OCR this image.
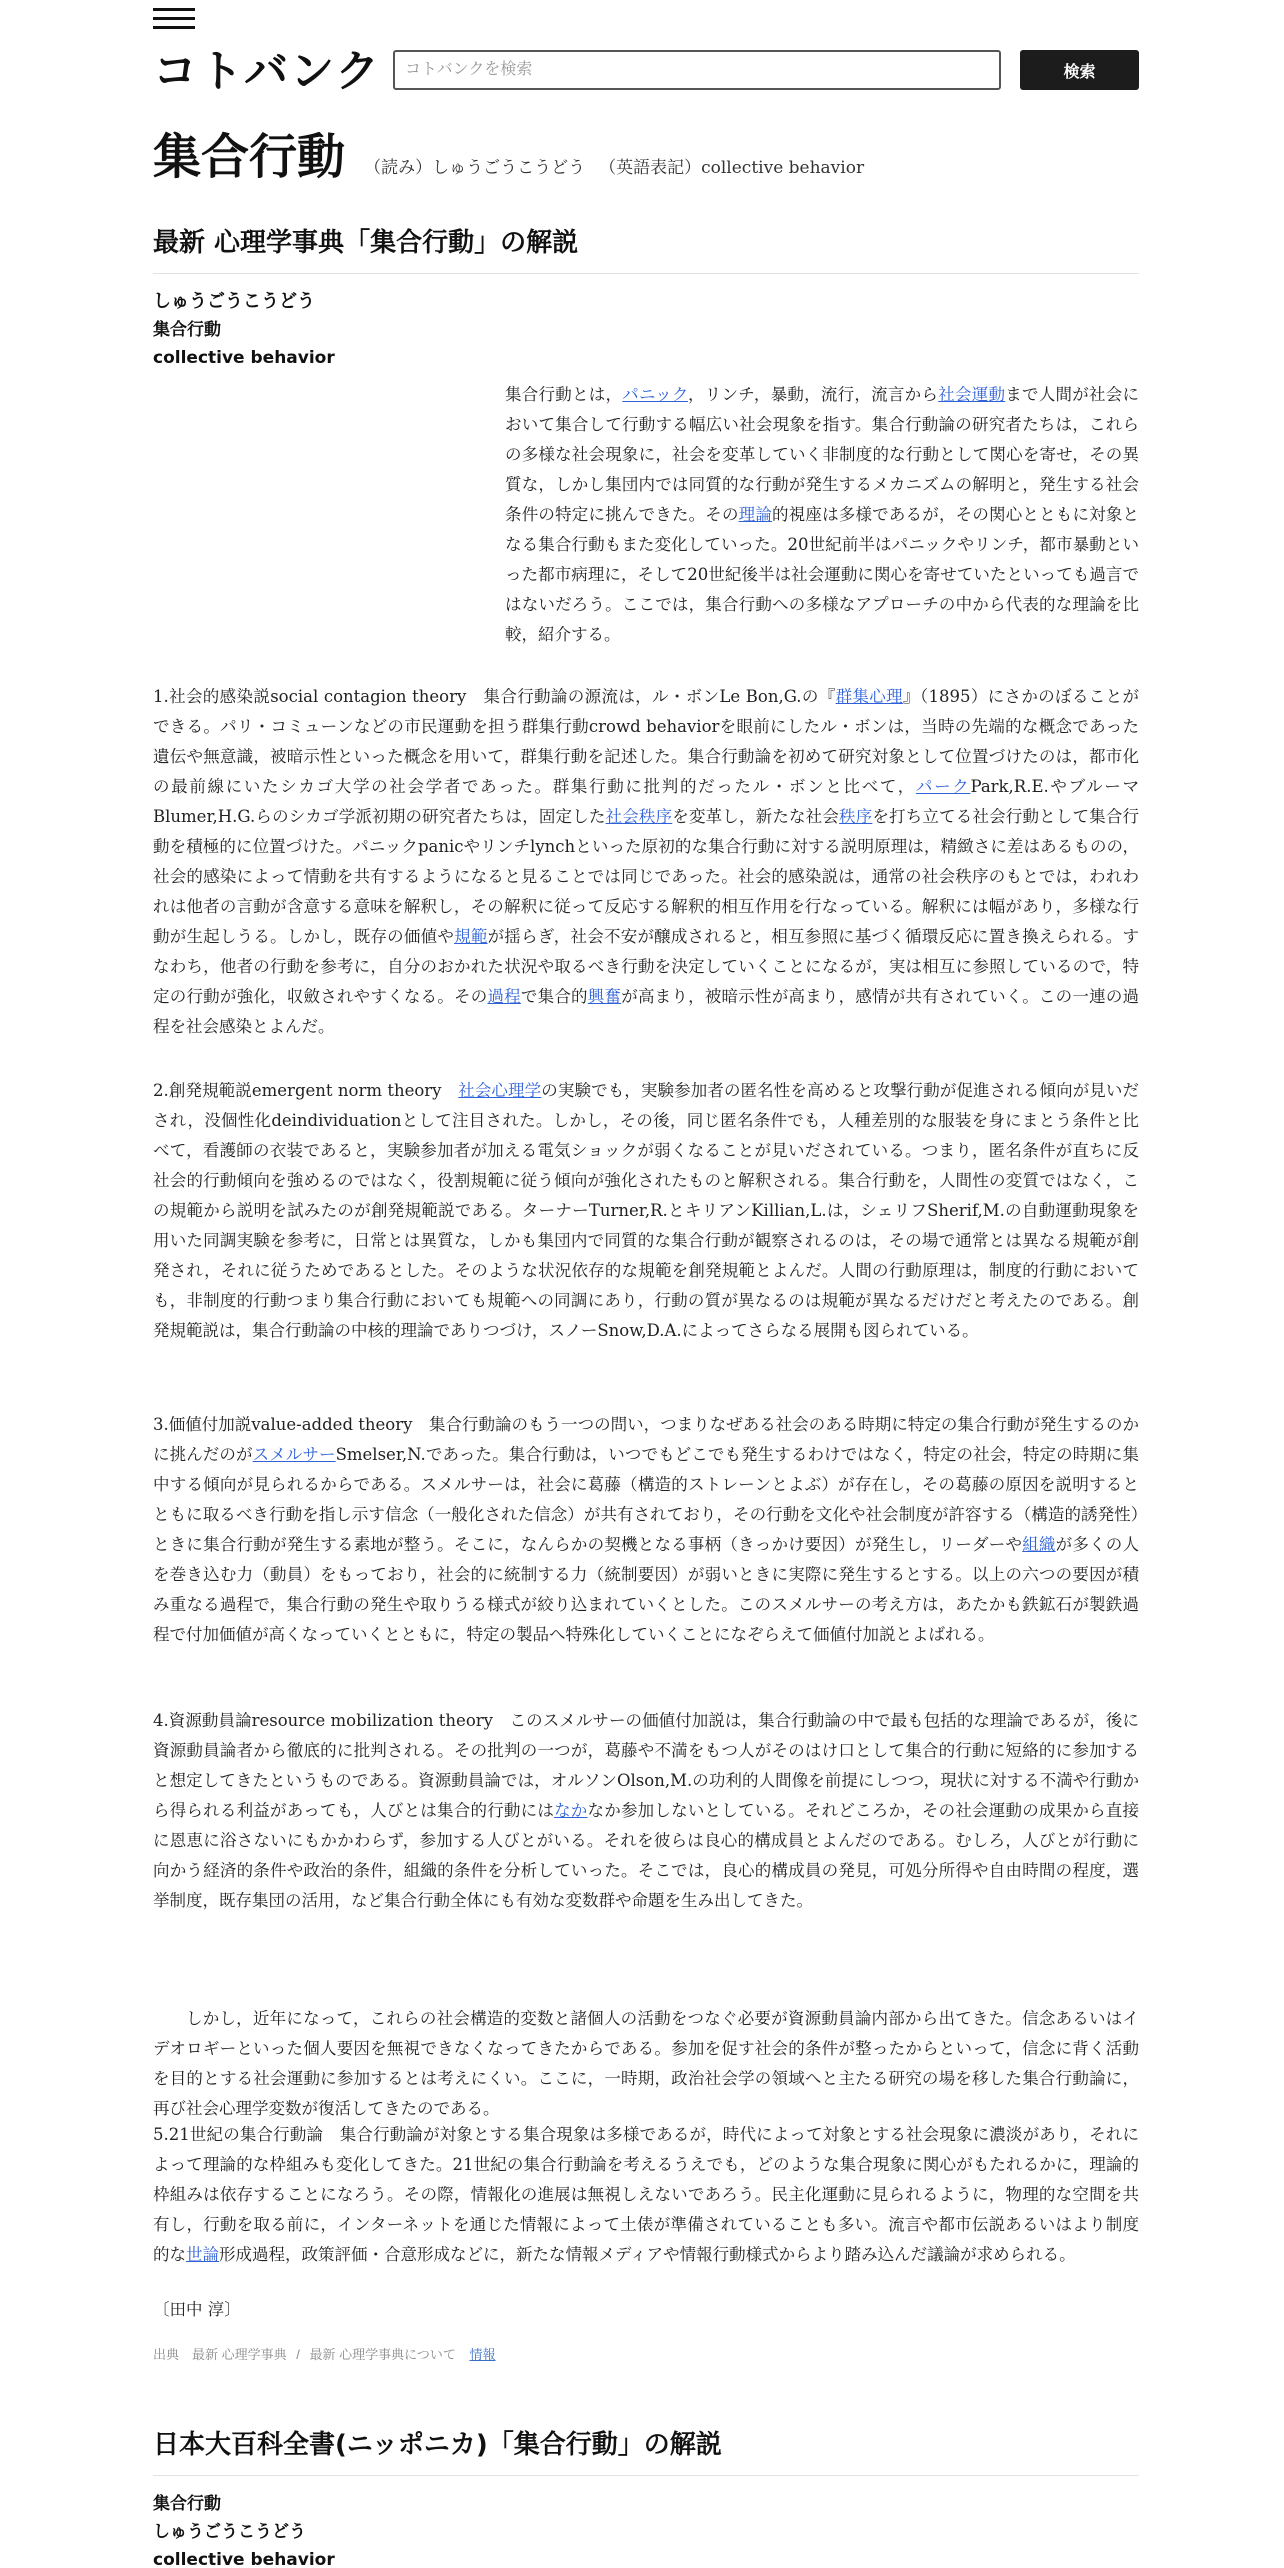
コトバンク
コトバンクを検索	検索
集合行動 （読み）しゅうごうこうどう （英語表記）collective behavior
最新 心理学事典「集合行動」の解説
しゅうごうこうどう
集合行動
collective behavior

集合行動とは，パニック，リンチ，暴動，流行，流言から社会運動まで人間が社会において集合して行動する幅広い社会現象を指す。集合行動論の研究者たちは，これらの多様な社会現象に，社会を変革していく非制度的な行動として関心を寄せ，その異質な，しかし集団内では同質的な行動が発生するメカニズムの解明と，発生する社会条件の特定に挑んできた。その理論的視座は多様であるが，その関心とともに対象となる集合行動もまた変化していった。20世紀前半はパニックやリンチ，都市暴動といった都市病理に，そして20世紀後半は社会運動に関心を寄せていたといっても過言ではないだろう。ここでは，集合行動への多様なアプローチの中から代表的な理論を比較，紹介する。

1.社会的感染説social contagion theory　集合行動論の源流は，ル・ボンLe Bon,G.の『群集心理』（1895）にさかのぼることができる。パリ・コミューンなどの市民運動を担う群集行動crowd behaviorを眼前にしたル・ボンは，当時の先端的な概念であった遺伝や無意識，被暗示性といった概念を用いて，群集行動を記述した。集合行動論を初めて研究対象として位置づけたのは，都市化の最前線にいたシカゴ大学の社会学者であった。群集行動に批判的だったル・ボンと比べて，パークPark,R.E.やブルーマBlumer,H.G.らのシカゴ学派初期の研究者たちは，固定した社会秩序を変革し，新たな社会秩序を打ち立てる社会行動として集合行動を積極的に位置づけた。パニックpanicやリンチlynchといった原初的な集合行動に対する説明原理は，精緻さに差はあるものの，社会的感染によって情動を共有するようになると見ることでは同じであった。社会的感染説は，通常の社会秩序のもとでは，われわれは他者の言動が含意する意味を解釈し，その解釈に従って反応する解釈的相互作用を行なっている。解釈には幅があり，多様な行動が生起しうる。しかし，既存の価値や規範が揺らぎ，社会不安が醸成されると，相互参照に基づく循環反応に置き換えられる。すなわち，他者の行動を参考に，自分のおかれた状況や取るべき行動を決定していくことになるが，実は相互に参照しているので，特定の行動が強化，収斂されやすくなる。その過程で集合的興奮が高まり，被暗示性が高まり，感情が共有されていく。この一連の過程を社会感染とよんだ。

2.創発規範説emergent norm theory　社会心理学の実験でも，実験参加者の匿名性を高めると攻撃行動が促進される傾向が見いだされ，没個性化deindividuationとして注目された。しかし，その後，同じ匿名条件でも，人種差別的な服装を身にまとう条件と比べて，看護師の衣装であると，実験参加者が加える電気ショックが弱くなることが見いだされている。つまり，匿名条件が直ちに反社会的行動傾向を強めるのではなく，役割規範に従う傾向が強化されたものと解釈される。集合行動を，人間性の変質ではなく，この規範から説明を試みたのが創発規範説である。ターナーTurner,R.とキリアンKillian,L.は，シェリフSherif,M.の自動運動現象を用いた同調実験を参考に，日常とは異質な，しかも集団内で同質的な集合行動が観察されるのは，その場で通常とは異なる規範が創発され，それに従うためであるとした。そのような状況依存的な規範を創発規範とよんだ。人間の行動原理は，制度的行動においても，非制度的行動つまり集合行動においても規範への同調にあり，行動の質が異なるのは規範が異なるだけだと考えたのである。創発規範説は，集合行動論の中核的理論でありつづけ，スノーSnow,D.A.によってさらなる展開も図られている。

3.価値付加説value-added theory　集合行動論のもう一つの問い，つまりなぜある社会のある時期に特定の集合行動が発生するのかに挑んだのがスメルサーSmelser,N.であった。集合行動は，いつでもどこでも発生するわけではなく，特定の社会，特定の時期に集中する傾向が見られるからである。スメルサーは，社会に葛藤（構造的ストレーンとよぶ）が存在し，その葛藤の原因を説明するとともに取るべき行動を指し示す信念（一般化された信念）が共有されており，その行動を文化や社会制度が許容する（構造的誘発性）ときに集合行動が発生する素地が整う。そこに，なんらかの契機となる事柄（きっかけ要因）が発生し，リーダーや組織が多くの人を巻き込む力（動員）をもっており，社会的に統制する力（統制要因）が弱いときに実際に発生するとする。以上の六つの要因が積み重なる過程で，集合行動の発生や取りうる様式が絞り込まれていくとした。このスメルサーの考え方は，あたかも鉄鉱石が製鉄過程で付加価値が高くなっていくとともに，特定の製品へ特殊化していくことになぞらえて価値付加説とよばれる。

4.資源動員論resource mobilization theory　このスメルサーの価値付加説は，集合行動論の中で最も包括的な理論であるが，後に資源動員論者から徹底的に批判される。その批判の一つが，葛藤や不満をもつ人がそのはけ口として集合的行動に短絡的に参加すると想定してきたというものである。資源動員論では，オルソンOlson,M.の功利的人間像を前提にしつつ，現状に対する不満や行動から得られる利益があっても，人びとは集合的行動にはなかなか参加しないとしている。それどころか，その社会運動の成果から直接に恩恵に浴さないにもかかわらず，参加する人びとがいる。それを彼らは良心的構成員とよんだのである。むしろ，人びとが行動に向かう経済的条件や政治的条件，組織的条件を分析していった。そこでは，良心的構成員の発見，可処分所得や自由時間の程度，選挙制度，既存集団の活用，など集合行動全体にも有効な変数群や命題を生み出してきた。

しかし，近年になって，これらの社会構造的変数と諸個人の活動をつなぐ必要が資源動員論内部から出てきた。信念あるいはイデオロギーといった個人要因を無視できなくなってきたからである。参加を促す社会的条件が整ったからといって，信念に背く活動を目的とする社会運動に参加するとは考えにくい。ここに，一時期，政治社会学の領域へと主たる研究の場を移した集合行動論に，再び社会心理学変数が復活してきたのである。

5.21世紀の集合行動論　集合行動論が対象とする集合現象は多様であるが，時代によって対象とする社会現象に濃淡があり，それによって理論的な枠組みも変化してきた。21世紀の集合行動論を考えるうえでも，どのような集合現象に関心がもたれるかに，理論的枠組みは依存することになろう。その際，情報化の進展は無視しえないであろう。民主化運動に見られるように，物理的な空間を共有し，行動を取る前に，インターネットを通じた情報によって土俵が準備されていることも多い。流言や都市伝説あるいはより制度的な世論形成過程，政策評価・合意形成などに，新たな情報メディアや情報行動様式からより踏み込んだ議論が求められる。

〔田中 淳〕
出典　最新 心理学事典 / 最新 心理学事典について 情報
日本大百科全書(ニッポニカ)「集合行動」の解説
集合行動
しゅうごうこうどう
collective behavior
